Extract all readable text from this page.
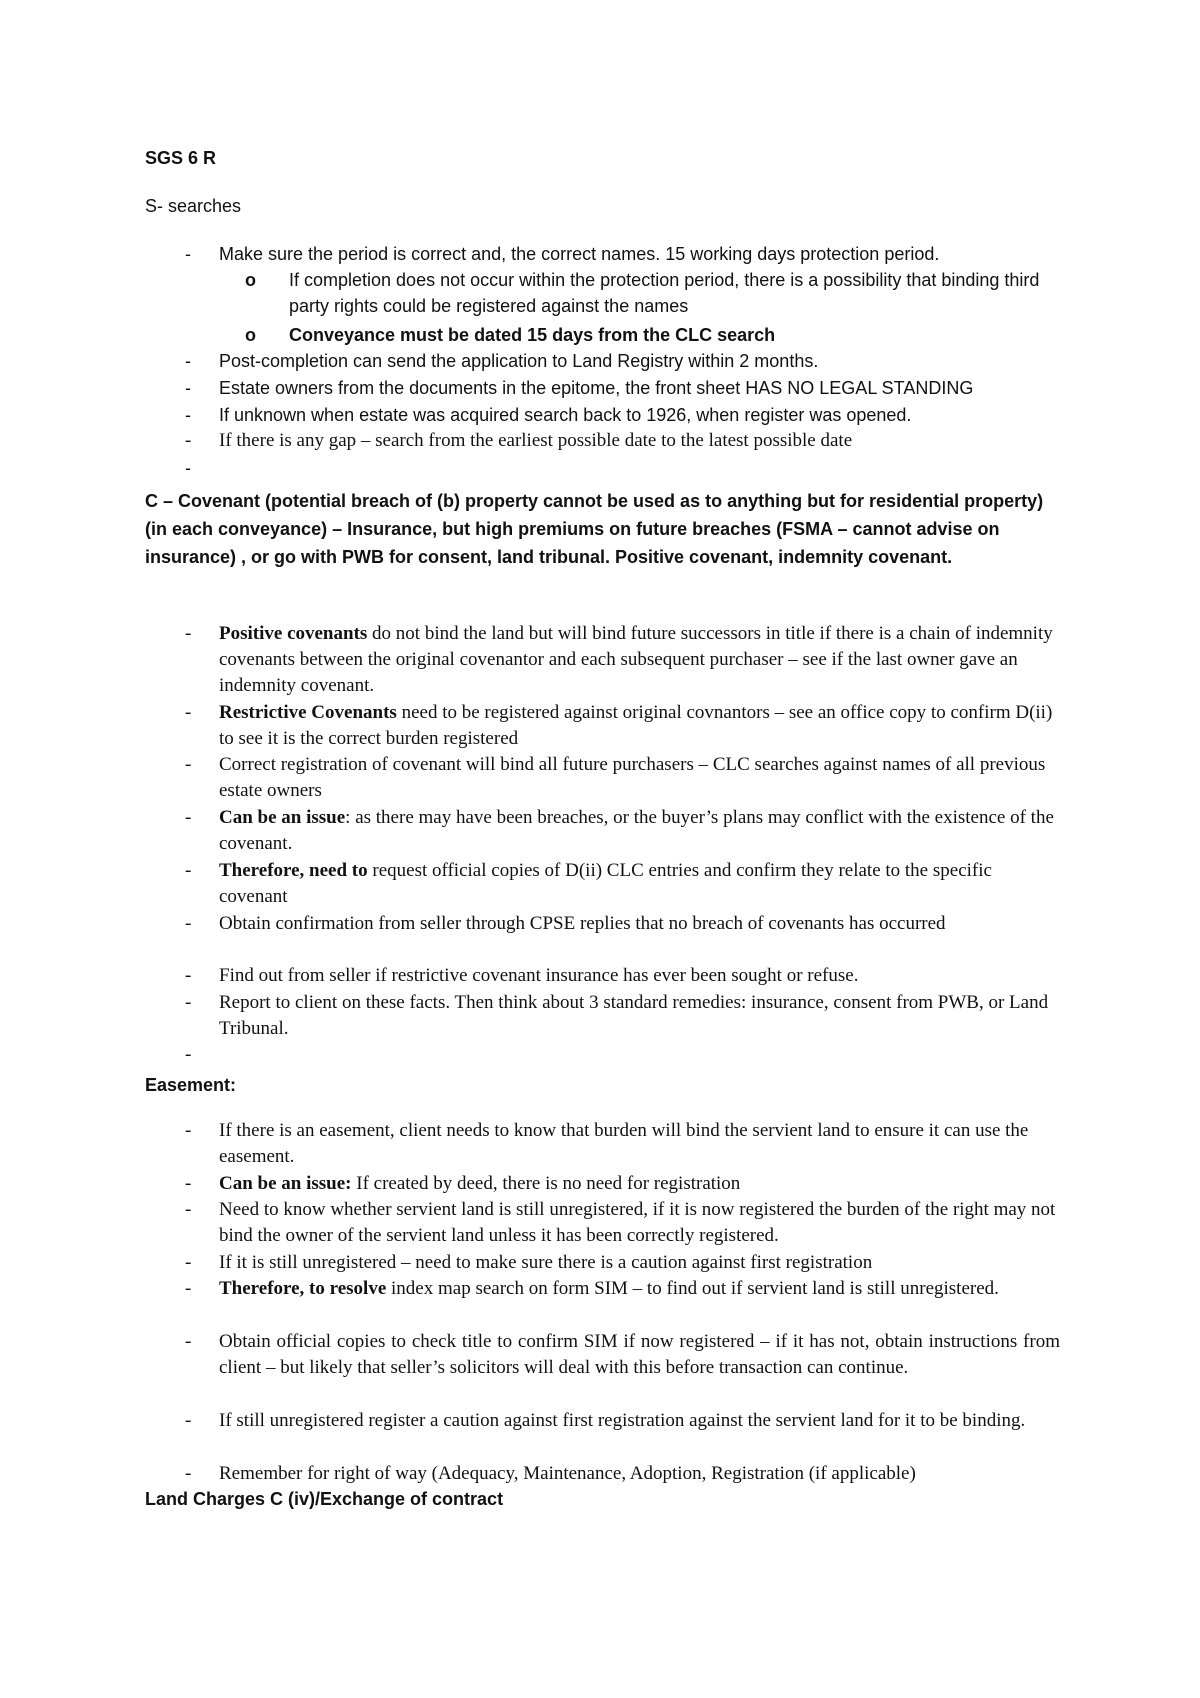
SGS 6 R
S- searches
- Make sure the period is correct and, the correct names. 15 working days protection period.
o If completion does not occur within the protection period, there is a possibility that binding third party rights could be registered against the names
o Conveyance must be dated 15 days from the CLC search
- Post-completion can send the application to Land Registry within 2 months.
- Estate owners from the documents in the epitome, the front sheet HAS NO LEGAL STANDING
- If unknown when estate was acquired search back to 1926, when register was opened.
- If there is any gap – search from the earliest possible date to the latest possible date
-
C – Covenant (potential breach of (b) property cannot be used as to anything but for residential property) (in each conveyance) – Insurance, but high premiums on future breaches (FSMA – cannot advise on insurance) , or go with PWB for consent, land tribunal. Positive covenant, indemnity covenant.
- Positive covenants do not bind the land but will bind future successors in title if there is a chain of indemnity covenants between the original covenantor and each subsequent purchaser – see if the last owner gave an indemnity covenant.
- Restrictive Covenants need to be registered against original covnantors – see an office copy to confirm D(ii) to see it is the correct burden registered
- Correct registration of covenant will bind all future purchasers – CLC searches against names of all previous estate owners
- Can be an issue: as there may have been breaches, or the buyer’s plans may conflict with the existence of the covenant.
- Therefore, need to request official copies of D(ii) CLC entries and confirm they relate to the specific covenant
- Obtain confirmation from seller through CPSE replies that no breach of covenants has occurred
- Find out from seller if restrictive covenant insurance has ever been sought or refuse.
- Report to client on these facts. Then think about 3 standard remedies: insurance, consent from PWB, or Land Tribunal.
-
Easement:
- If there is an easement, client needs to know that burden will bind the servient land to ensure it can use the easement.
- Can be an issue: If created by deed, there is no need for registration
- Need to know whether servient land is still unregistered, if it is now registered the burden of the right may not bind the owner of the servient land unless it has been correctly registered.
- If it is still unregistered – need to make sure there is a caution against first registration
- Therefore, to resolve index map search on form SIM – to find out if servient land is still unregistered.
- Obtain official copies to check title to confirm SIM if now registered – if it has not, obtain instructions from client – but likely that seller’s solicitors will deal with this before transaction can continue.
- If still unregistered register a caution against first registration against the servient land for it to be binding.
- Remember for right of way (Adequacy, Maintenance, Adoption, Registration (if applicable)
Land Charges C (iv)/Exchange of contract
